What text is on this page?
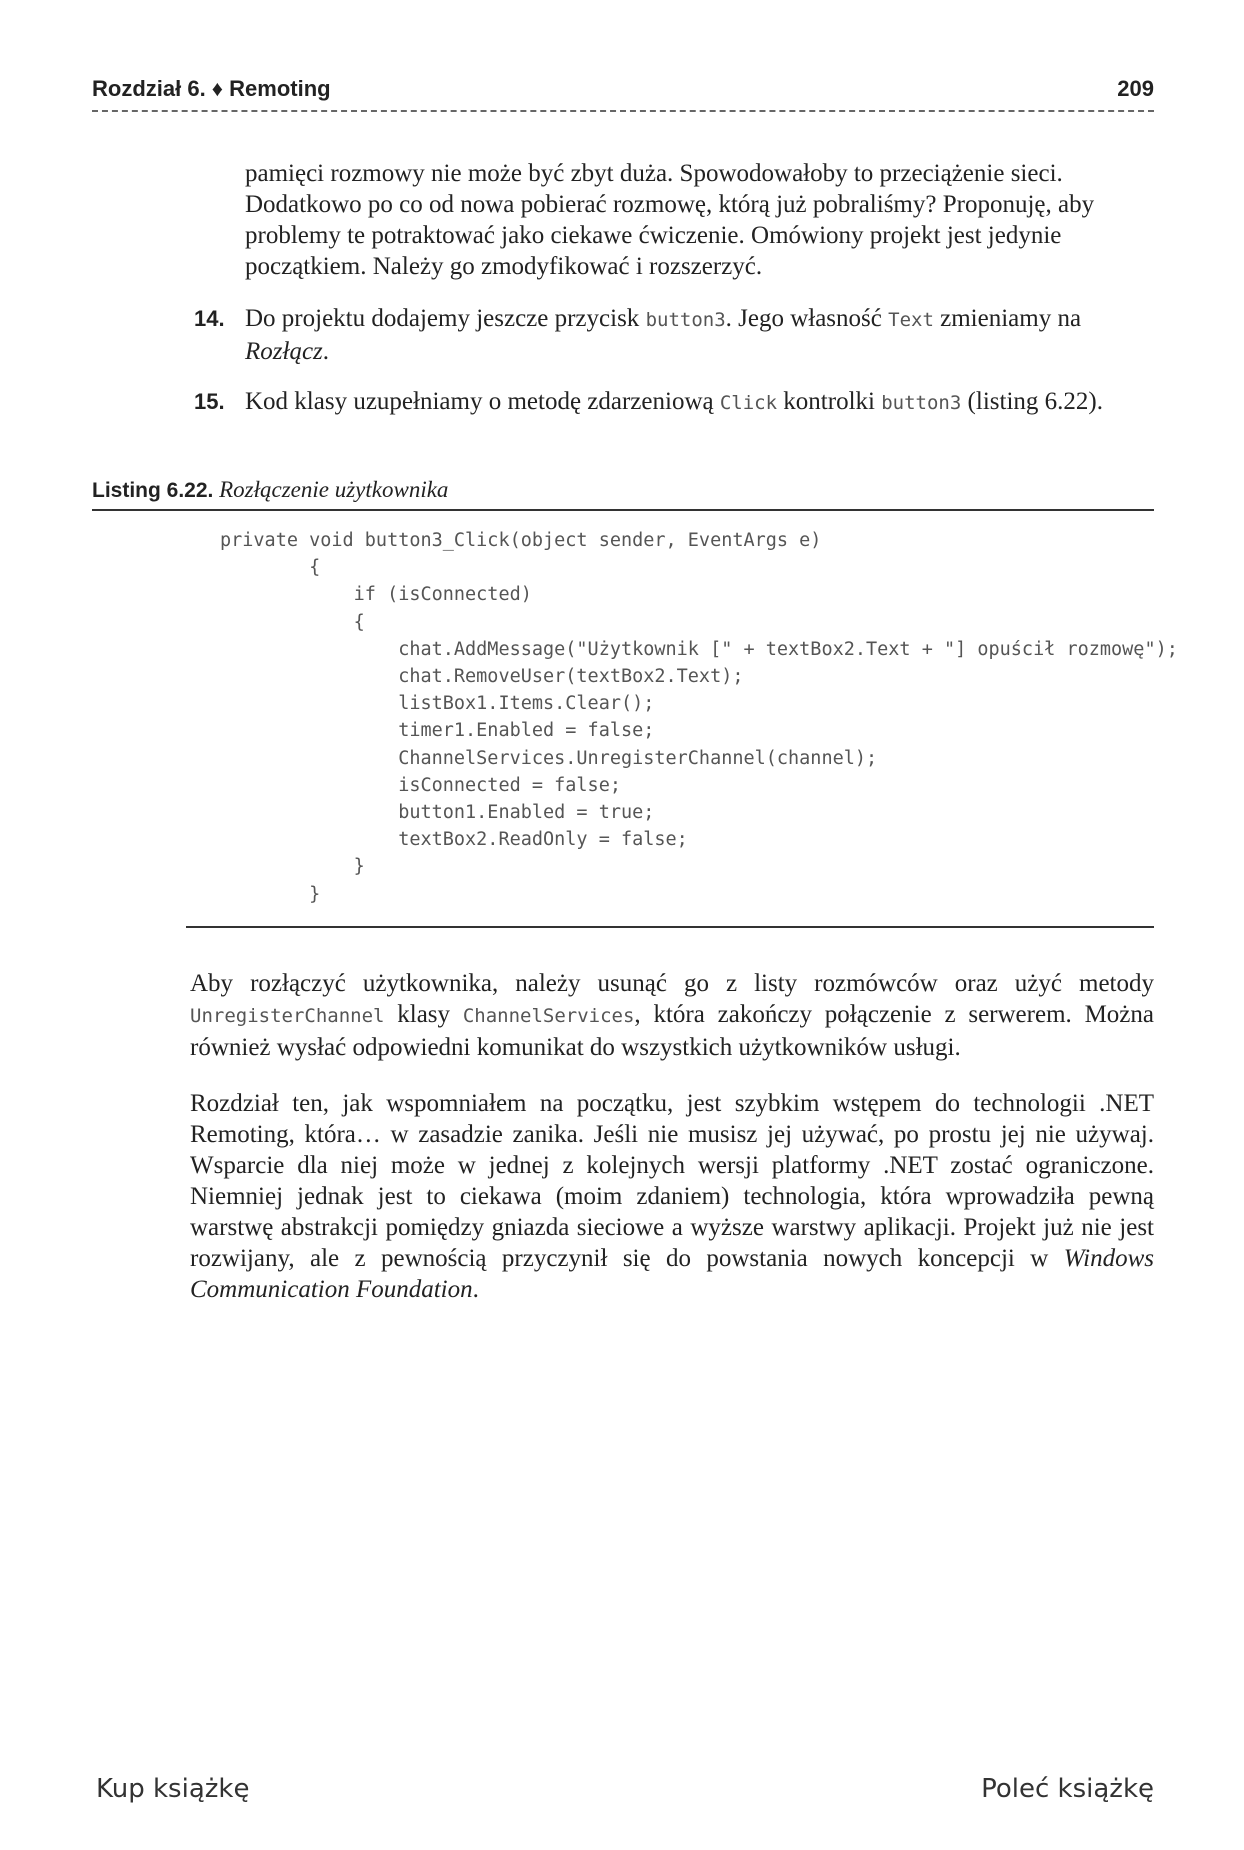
Rozdział 6. ♦ Remoting	209

pamięci rozmowy nie może być zbyt duża. Spowodowałoby to przeciążenie sieci. Dodatkowo po co od nowa pobierać rozmowę, którą już pobraliśmy? Proponuję, aby problemy te potraktować jako ciekawe ćwiczenie. Omówiony projekt jest jedynie początkiem. Należy go zmodyfikować i rozszerzyć.

14. Do projektu dodajemy jeszcze przycisk button3. Jego własność Text zmieniamy na Rozłącz.

15. Kod klasy uzupełniamy o metodę zdarzeniową Click kontrolki button3 (listing 6.22).

Listing 6.22. Rozłączenie użytkownika
private void button3_Click(object sender, EventArgs e)
{
if (isConnected)
{
chat.AddMessage("Użytkownik [" + textBox2.Text + "] opuścił rozmowę");
chat.RemoveUser(textBox2.Text);
listBox1.Items.Clear();
timer1.Enabled = false;
ChannelServices.UnregisterChannel(channel);
isConnected = false;
button1.Enabled = true;
textBox2.ReadOnly = false;
}
}

Aby rozłączyć użytkownika, należy usunąć go z listy rozmówców oraz użyć metody UnregisterChannel klasy ChannelServices, która zakończy połączenie z serwerem. Można również wysłać odpowiedni komunikat do wszystkich użytkowników usługi.

Rozdział ten, jak wspomniałem na początku, jest szybkim wstępem do technologii .NET Remoting, która… w zasadzie zanika. Jeśli nie musisz jej używać, po prostu jej nie używaj. Wsparcie dla niej może w jednej z kolejnych wersji platformy .NET zostać ograniczone. Niemniej jednak jest to ciekawa (moim zdaniem) technologia, która wprowadziła pewną warstwę abstrakcji pomiędzy gniazda sieciowe a wyższe warstwy aplikacji. Projekt już nie jest rozwijany, ale z pewnością przyczynił się do powstania nowych koncepcji w Windows Communication Foundation.

Kup książkę	Poleć książkę
